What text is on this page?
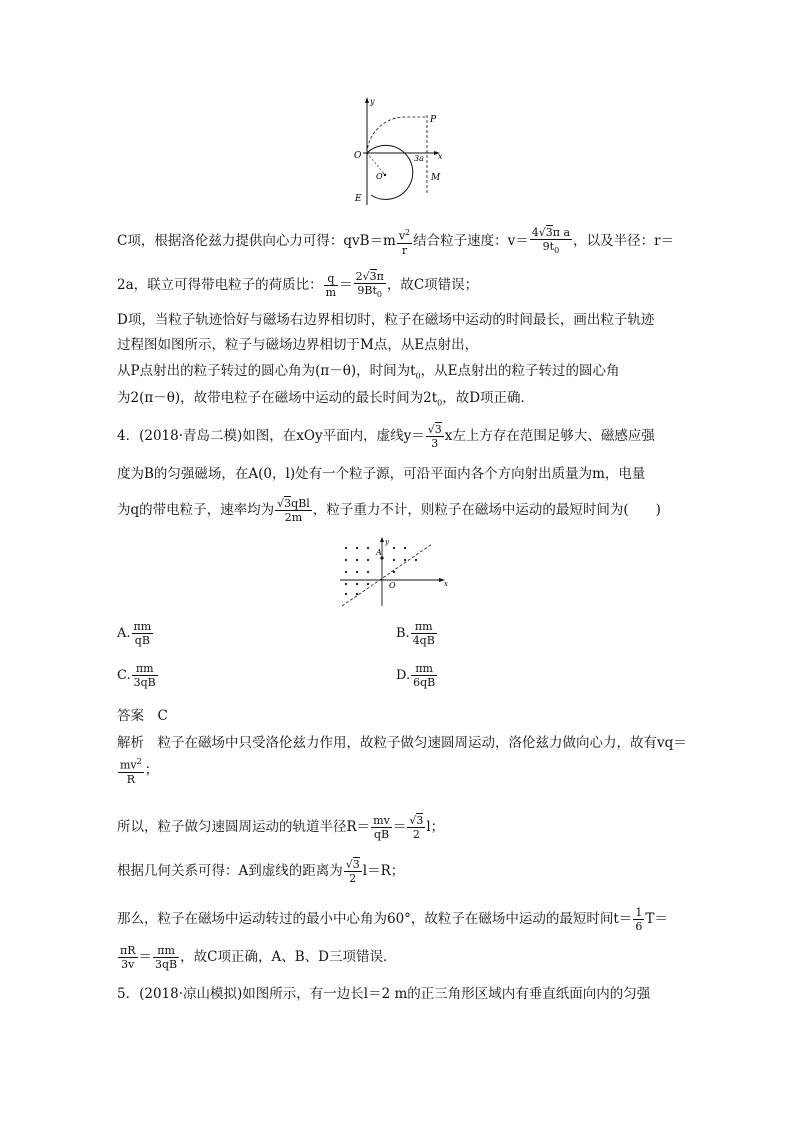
y
x
O
P
3a
O′	M
E
C项，根据洛伦兹力提供向心力可得：$qvB=m \frac{v^2}{r}$ 结合粒子速度：$v= \frac{\text{4√3π a}}{9t_0}$ ，以及半径：r＝
2a，联立可得带电粒子的荷质比： $\frac{q}{m} = \frac{2√3\pi}{9Bt_0}$ ，故C项错误；
D项，当粒子轨迹恰好与磁场右边界相切时，粒子在磁场中运动的时间最长，画出粒子轨迹
过程图如图所示，粒子与磁场边界相切于M点，从E点射出，
从P点射出的粒子转过的圆心角为(π－θ)，时间为$t_0$，从E点射出的粒子转过的圆心角
为2(π－θ)，故带电粒子在磁场中运动的最长时间为$2t_0$，故D项正确．
4．(2018·青岛二模)如图，在xOy平面内，虚线$y= \frac{√3}{3}$ x左上方存在范围足够大、磁感应强
度为B的匀强磁场，在A(0，l)处有一个粒子源，可沿平面内各个方向射出质量为m，电量
为q的带电粒子，速率均为 $\frac{\text{√3qBl}}{2m}$ ，粒子重力不计，则粒子在磁场中运动的最短时间为(　　)
A
y
O	x
A. $\frac{\pi m}{qB}$	B. $\frac{\pi m}{4qB}$
C. $\frac{\pi m}{3qB}$	D. $\frac{\pi m}{6qB}$
答案　 C
解析　 粒子在磁场中只受洛伦兹力作用，故粒子做匀速圆周运动，洛伦兹力做向心力，故有vq＝
$\frac{mv^2}{R}$ ；
所以，粒子做匀速圆周运动的轨道半径$R= \frac{mv}{qB} = \frac{√3}{2}$ l；
根据几何关系可得：A到虚线的距离为 $\frac{√3}{2} l=R$；
那么，粒子在磁场中运动转过的最小中心角为60°，故粒子在磁场中运动的最短时间$t= \frac{1}{6} T=$
$\frac{\pi R}{3v} = \frac{\pi m}{3qB}$ ，故C项正确，A、B、D三项错误．
5．(2018·凉山模拟)如图所示，有一边长l＝2 m的正三角形区域内有垂直纸面向内的匀强
